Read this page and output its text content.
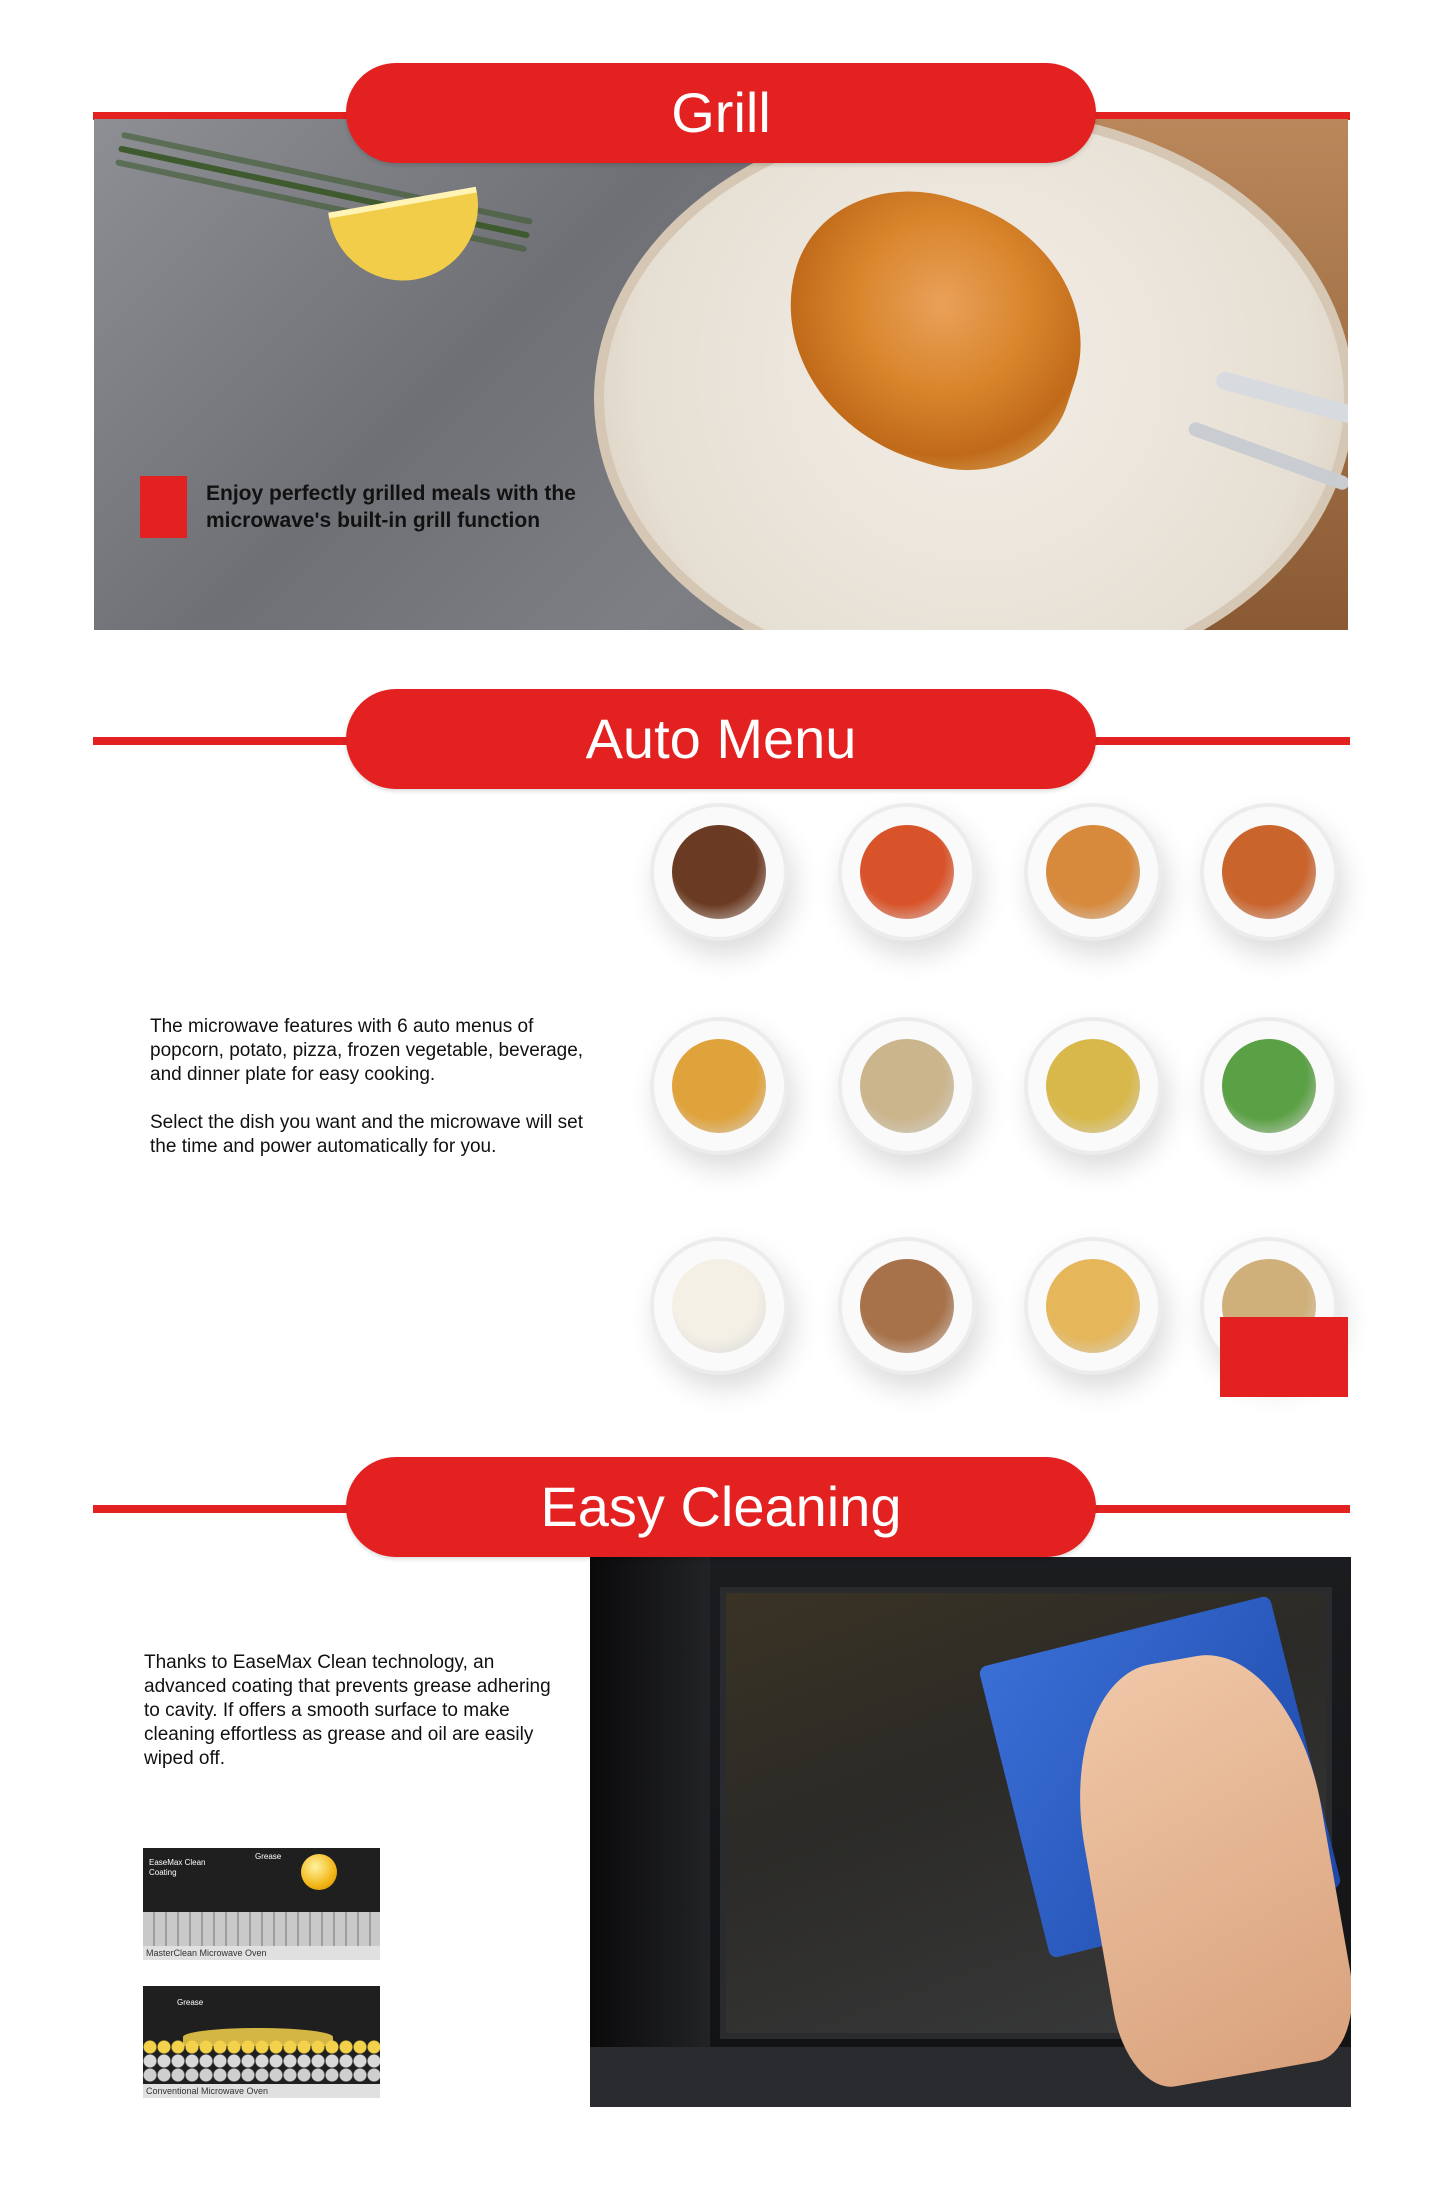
Grill
Enjoy perfectly grilled meals with the microwave's built-in grill function
Auto Menu

The microwave features with 6 auto menus of popcorn, potato, pizza, frozen vegetable, beverage, and dinner plate for easy cooking.

Select the dish you want and the microwave will set the time and power automatically for you.

Easy Cleaning
Thanks to EaseMax Clean technology, an advanced coating that prevents grease adhering to cavity. If offers a smooth surface to make cleaning effortless as grease and oil are easily wiped off.
EaseMax Clean Coating
Grease
MasterClean Microwave Oven
Grease
Conventional Microwave Oven
